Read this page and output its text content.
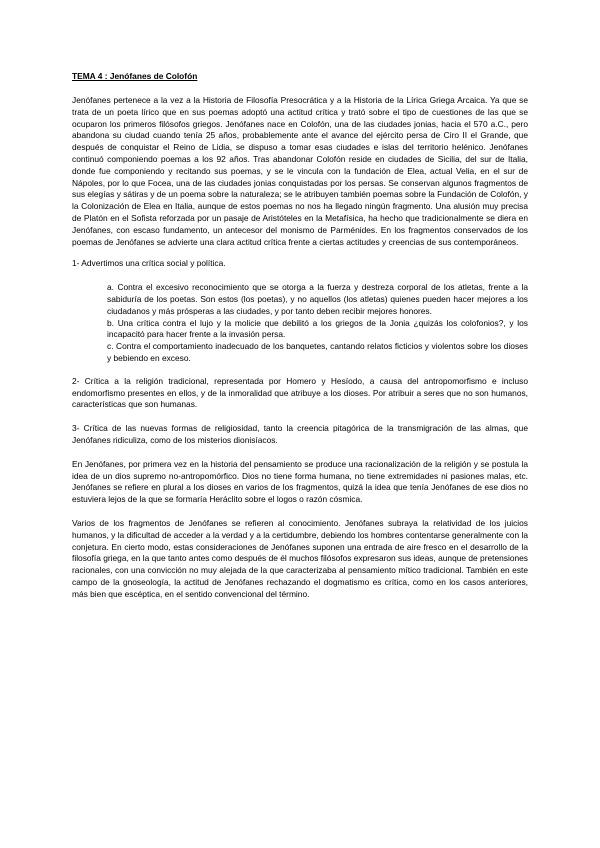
TEMA 4 : Jenófanes de Colofón

Jenófanes pertenece a la vez a la Historia de Filosofía Presocrática y a la Historia de la Lírica Griega Arcaica. Ya que se trata de un poeta lírico que en sus poemas adoptó una actitud crítica y trató sobre el tipo de cuestiones de las que se ocuparon los primeros filósofos griegos. Jenófanes nace en Colofón, una de las ciudades jonias, hacia el 570 a.C., pero abandona su ciudad cuando tenía 25 años, probablemente ante el avance del ejército persa de Ciro II el Grande, que después de conquistar el Reino de Lidia, se dispuso a tomar esas ciudades e islas del territorio helénico. Jenófanes continuó componiendo poemas a los 92 años. Tras abandonar Colofón reside en ciudades de Sicilia, del sur de Italia, donde fue componiendo y recitando sus poemas, y se le vincula con la fundación de Elea, actual Velia, en el sur de Nápoles, por lo que Focea, una de las ciudades jonias conquistadas por los persas. Se conservan algunos fragmentos de sus elegías y sátiras y de un poema sobre la naturaleza; se le atribuyen también poemas sobre la Fundación de Colofón, y la Colonización de Elea en Italia, aunque de estos poemas no nos ha llegado ningún fragmento. Una alusión muy precisa de Platón en el Sofista reforzada por un pasaje de Aristóteles en la Metafísica, ha hecho que tradicionalmente se diera en Jenófanes, con escaso fundamento, un antecesor del monismo de Parménides. En los fragmentos conservados de los poemas de Jenófanes se advierte una clara actitud crítica frente a ciertas actitudes y creencias de sus contemporáneos.

1- Advertimos una crítica social y política.

a. Contra el excesivo reconocimiento que se otorga a la fuerza y destreza corporal de los atletas, frente a la sabiduría de los poetas. Son estos (los poetas), y no aquellos (los atletas) quienes pueden hacer mejores a los ciudadanos y más prósperas a las ciudades, y por tanto deben recibir mejores honores.

b. Una crítica contra el lujo y la molicie que debilitó a los griegos de la Jonia ¿quizás los colofonios?, y los incapacitó para hacer frente a la invasión persa.

c. Contra el comportamiento inadecuado de los banquetes, cantando relatos ficticios y violentos sobre los dioses y bebiendo en exceso.

2- Crítica a la religión tradicional, representada por Homero y Hesíodo, a causa del antropomorfismo e incluso endomorfismo presentes en ellos, y de la inmoralidad que atribuye a los dioses. Por atribuir a seres que no son humanos, características que son humanas.

3- Crítica de las nuevas formas de religiosidad, tanto la creencia pitagórica de la transmigración de las almas, que Jenófanes ridiculiza, como de los misterios dionisíacos.

En Jenófanes, por primera vez en la historia del pensamiento se produce una racionalización de la religión y se postula la idea de un dios supremo no-antropomórfico. Dios no tiene forma humana, no tiene extremidades ni pasiones malas, etc. Jenófanes se refiere en plural a los dioses en varios de los fragmentos, quizá la idea que tenía Jenófanes de ese dios no estuviera lejos de la que se formaría Heráclito sobre el logos o razón cósmica.

Varios de los fragmentos de Jenófanes se refieren al conocimiento. Jenófanes subraya la relatividad de los juicios humanos, y la dificultad de acceder a la verdad y a la certidumbre, debiendo los hombres contentarse generalmente con la conjetura. En cierto modo, estas consideraciones de Jenófanes suponen una entrada de aire fresco en el desarrollo de la filosofía griega, en la que tanto antes como después de él muchos filósofos expresaron sus ideas, aunque de pretensiones racionales, con una convicción no muy alejada de la que caracterizaba al pensamiento mítico tradicional. También en este campo de la gnoseología, la actitud de Jenófanes rechazando el dogmatismo es crítica, como en los casos anteriores, más bien que escéptica, en el sentido convencional del término.
